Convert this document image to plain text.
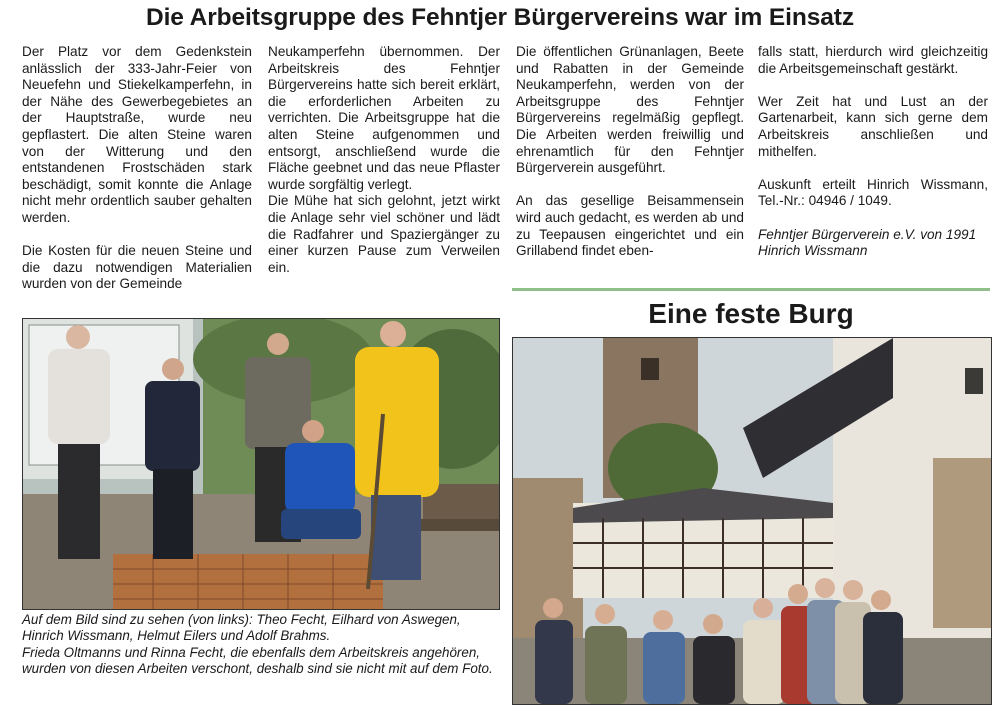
Die Arbeitsgruppe des Fehntjer Bürgervereins war im Einsatz

Der Platz vor dem Gedenkstein anlässlich der 333-Jahr-Feier von Neuefehn und Stiekelkamperfehn, in der Nähe des Gewerbegebietes an der Hauptstraße, wurde neu gepflastert. Die alten Steine waren von der Witterung und den entstandenen Frostschäden stark beschädigt, somit konnte die Anlage nicht mehr ordentlich sauber gehalten werden.

Die Kosten für die neuen Steine und die dazu notwendigen Materialien wurden von der Gemeinde

Neukamperfehn übernommen. Der Arbeitskreis des Fehntjer Bürgervereins hatte sich bereit erklärt, die erforderlichen Arbeiten zu verrichten. Die Arbeitsgruppe hat die alten Steine aufgenommen und entsorgt, anschließend wurde die Fläche geebnet und das neue Pflaster wurde sorgfältig verlegt.

Die Mühe hat sich gelohnt, jetzt wirkt die Anlage sehr viel schöner und lädt die Radfahrer und Spaziergänger zu einer kurzen Pause zum Verweilen ein.

Die öffentlichen Grünanlagen, Beete und Rabatten in der Gemeinde Neukamperfehn, werden von der Arbeitsgruppe des Fehntjer Bürgervereins regelmäßig gepflegt. Die Arbeiten werden freiwillig und ehrenamtlich für den Fehntjer Bürgerverein ausgeführt.

An das gesellige Beisammensein wird auch gedacht, es werden ab und zu Teepausen eingerichtet und ein Grillabend findet eben-

falls statt, hierdurch wird gleichzeitig die Arbeitsgemeinschaft gestärkt.

Wer Zeit hat und Lust an der Gartenarbeit, kann sich gerne dem Arbeitskreis anschließen und mithelfen.

Auskunft erteilt Hinrich Wissmann, Tel.-Nr.: 04946 / 1049.

Fehntjer Bürgerverein e.V. von 1991
Hinrich Wissmann
Eine feste Burg

Auf dem Bild sind zu sehen (von links): Theo Fecht, Eilhard von Aswegen, Hinrich Wissmann, Helmut Eilers und Adolf Brahms.
Frieda Oltmanns und Rinna Fecht, die ebenfalls dem Arbeitskreis angehören, wurden von diesen Arbeiten verschont, deshalb sind sie nicht mit auf dem Foto.
